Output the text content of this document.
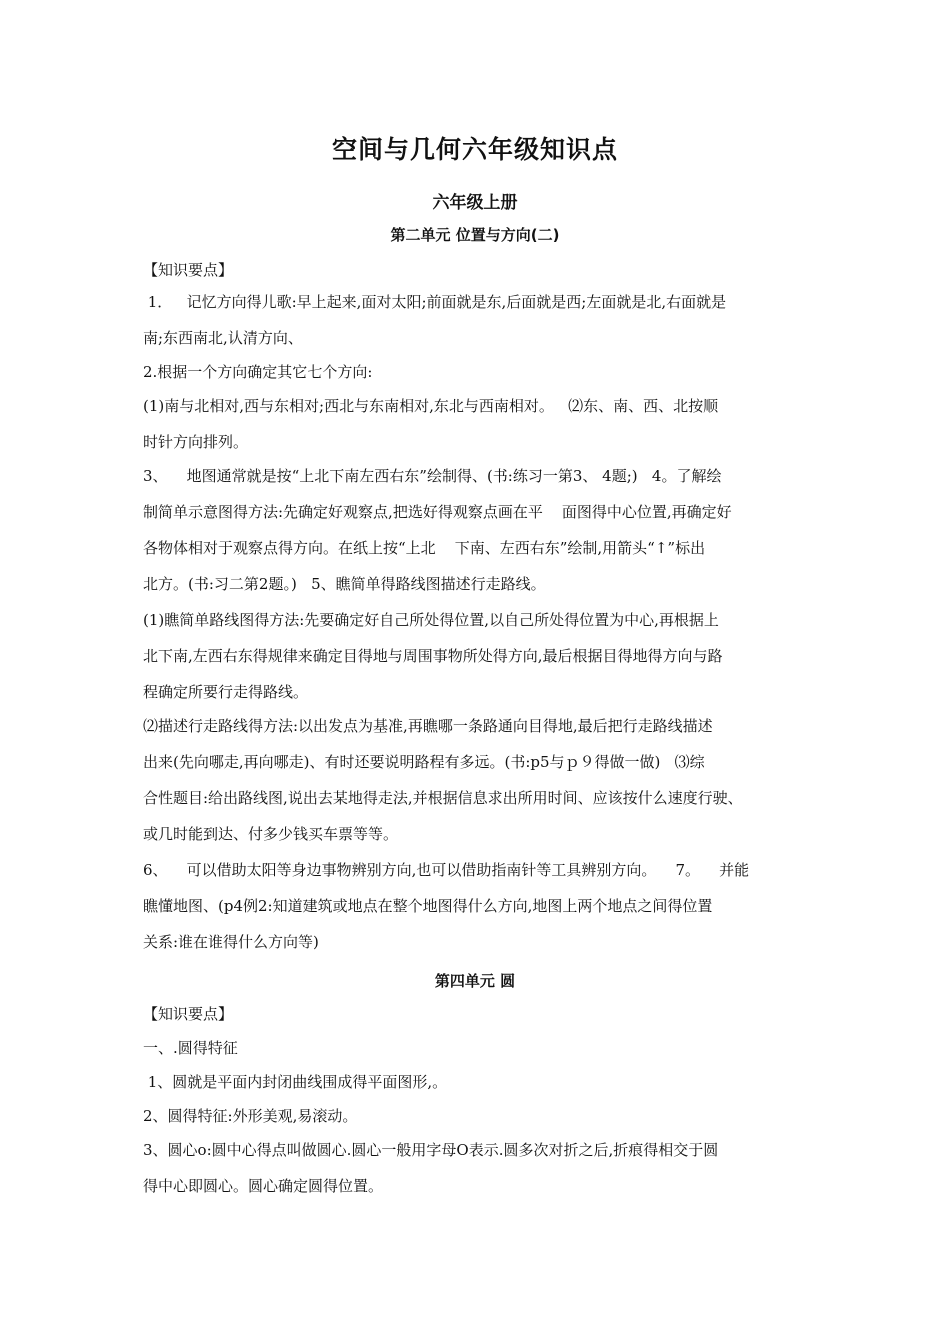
空间与几何六年级知识点
六年级上册
第二单元 位置与方向(二)
第四单元 圆
【知识要点】
1．   记忆方向得儿歌:早上起来,面对太阳;前面就是东,后面就是西;左面就是北,右面就是
南;东西南北,认清方向、
2.根据一个方向确定其它七个方向:
(1)南与北相对,西与东相对;西北与东南相对,东北与西南相对。   ⑵东、南、西、北按顺
时针方向排列。
3、    地图通常就是按“上北下南左西右东”绘制得、(书:练习一第3、 4题;)   4。了解绘
制简单示意图得方法:先确定好观察点,把选好得观察点画在平    面图得中心位置,再确定好
各物体相对于观察点得方向。在纸上按“上北    下南、左西右东”绘制,用箭头“↑”标出
北方。(书:习二第2题。)   5、瞧简单得路线图描述行走路线。
(1)瞧简单路线图得方法:先要确定好自己所处得位置,以自己所处得位置为中心,再根据上
北下南,左西右东得规律来确定目得地与周围事物所处得方向,最后根据目得地得方向与路
程确定所要行走得路线。
⑵描述行走路线得方法:以出发点为基准,再瞧哪一条路通向目得地,最后把行走路线描述
出来(先向哪走,再向哪走)、有时还要说明路程有多远。(书:p5与ｐ９得做一做)   ⑶综
合性题目:给出路线图,说出去某地得走法,并根据信息求出所用时间、应该按什么速度行驶、
或几时能到达、付多少钱买车票等等。
6、    可以借助太阳等身边事物辨别方向,也可以借助指南针等工具辨别方向。    7。    并能
瞧懂地图、(p4例2:知道建筑或地点在整个地图得什么方向,地图上两个地点之间得位置
关系:谁在谁得什么方向等)
【知识要点】
一、.圆得特征
1、圆就是平面内封闭曲线围成得平面图形,。
2、圆得特征:外形美观,易滚动。
3、圆心o:圆中心得点叫做圆心.圆心一般用字母O表示.圆多次对折之后,折痕得相交于圆
得中心即圆心。圆心确定圆得位置。
